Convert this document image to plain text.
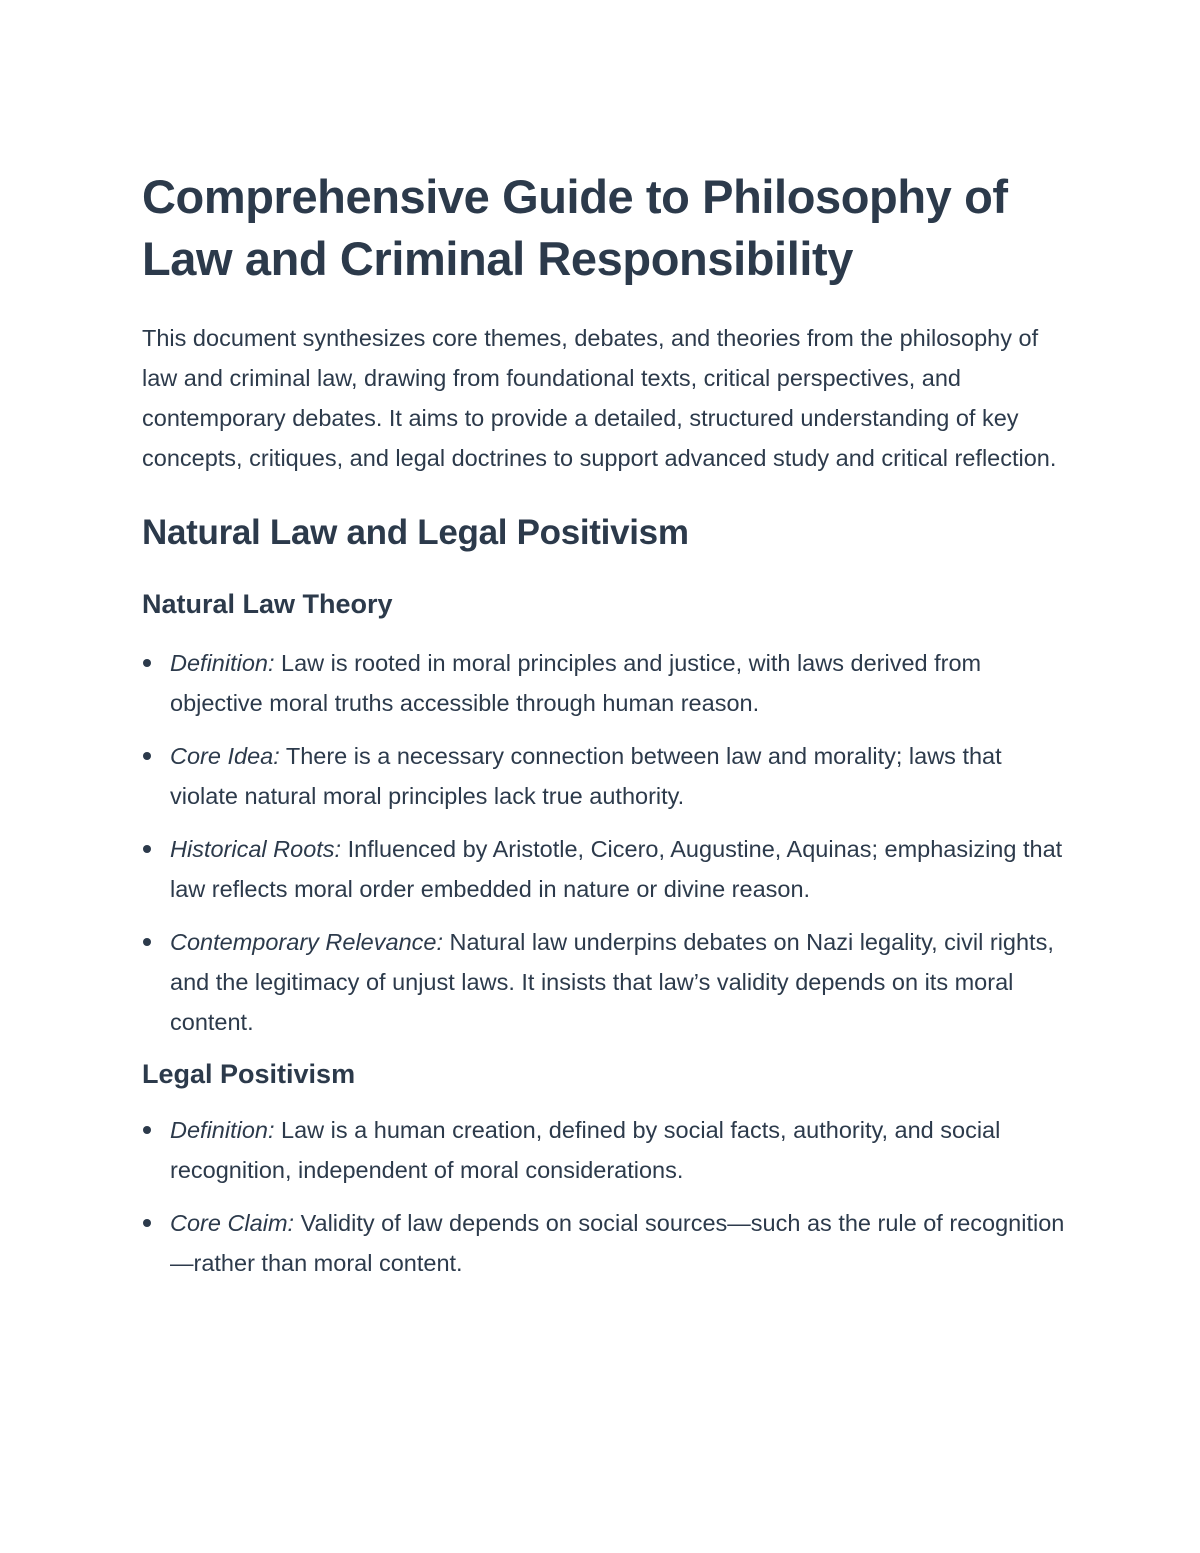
Comprehensive Guide to Philosophy of Law and Criminal Responsibility

This document synthesizes core themes, debates, and theories from the philosophy of law and criminal law, drawing from foundational texts, critical perspectives, and contemporary debates. It aims to provide a detailed, structured understanding of key concepts, critiques, and legal doctrines to support advanced study and critical reflection.

Natural Law and Legal Positivism
Natural Law Theory
Definition: Law is rooted in moral principles and justice, with laws derived from objective moral truths accessible through human reason.
Core Idea: There is a necessary connection between law and morality; laws that violate natural moral principles lack true authority.
Historical Roots: Influenced by Aristotle, Cicero, Augustine, Aquinas; emphasizing that law reflects moral order embedded in nature or divine reason.
Contemporary Relevance: Natural law underpins debates on Nazi legality, civil rights, and the legitimacy of unjust laws. It insists that law’s validity depends on its moral content.
Legal Positivism
Definition: Law is a human creation, defined by social facts, authority, and social recognition, independent of moral considerations.
Core Claim: Validity of law depends on social sources—such as the rule of recognition—rather than moral content.
